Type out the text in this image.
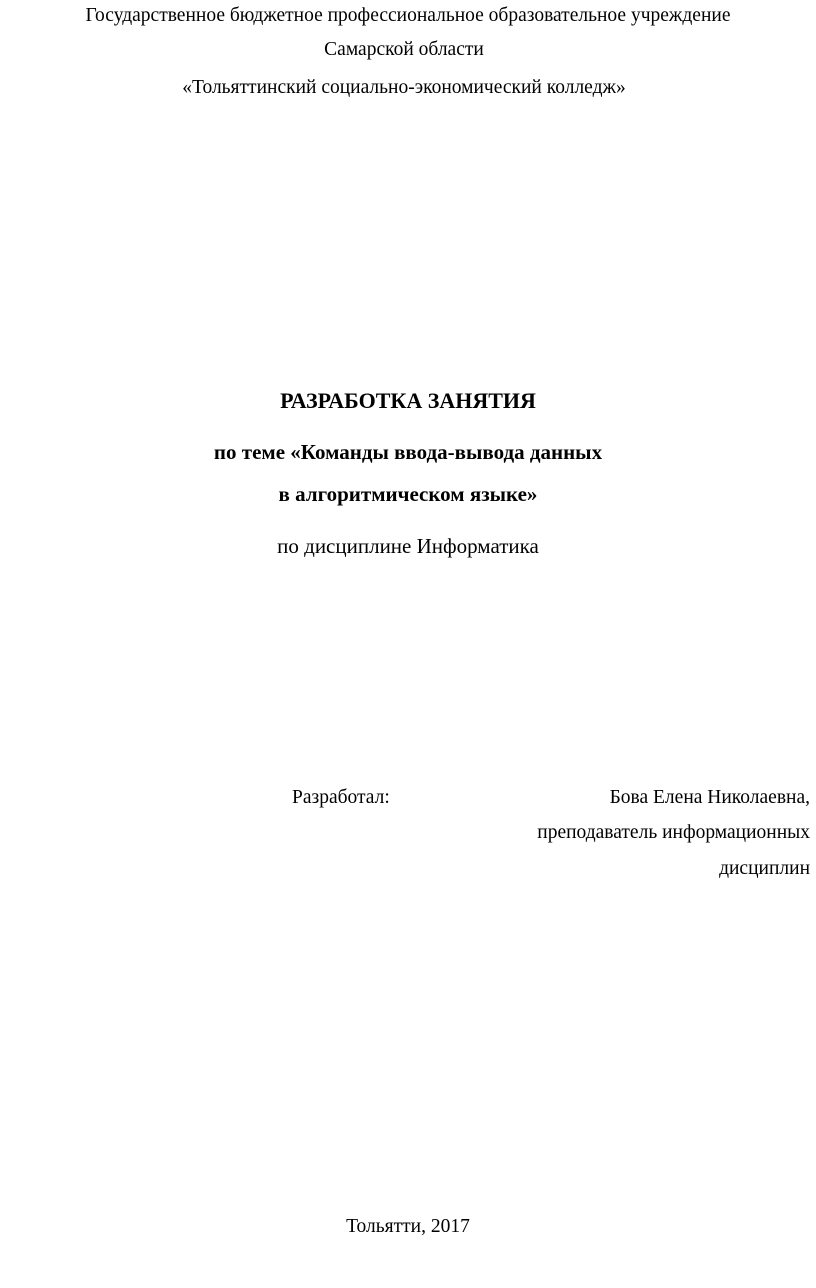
Государственное бюджетное профессиональное образовательное учреждение
Самарской области
«Тольяттинский социально-экономический колледж»
РАЗРАБОТКА ЗАНЯТИЯ
по теме «Команды ввода-вывода данных
в алгоритмическом языке»
по дисциплине Информатика
Разработал:	Бова Елена Николаевна,
преподаватель информационных
дисциплин
Тольятти, 2017
